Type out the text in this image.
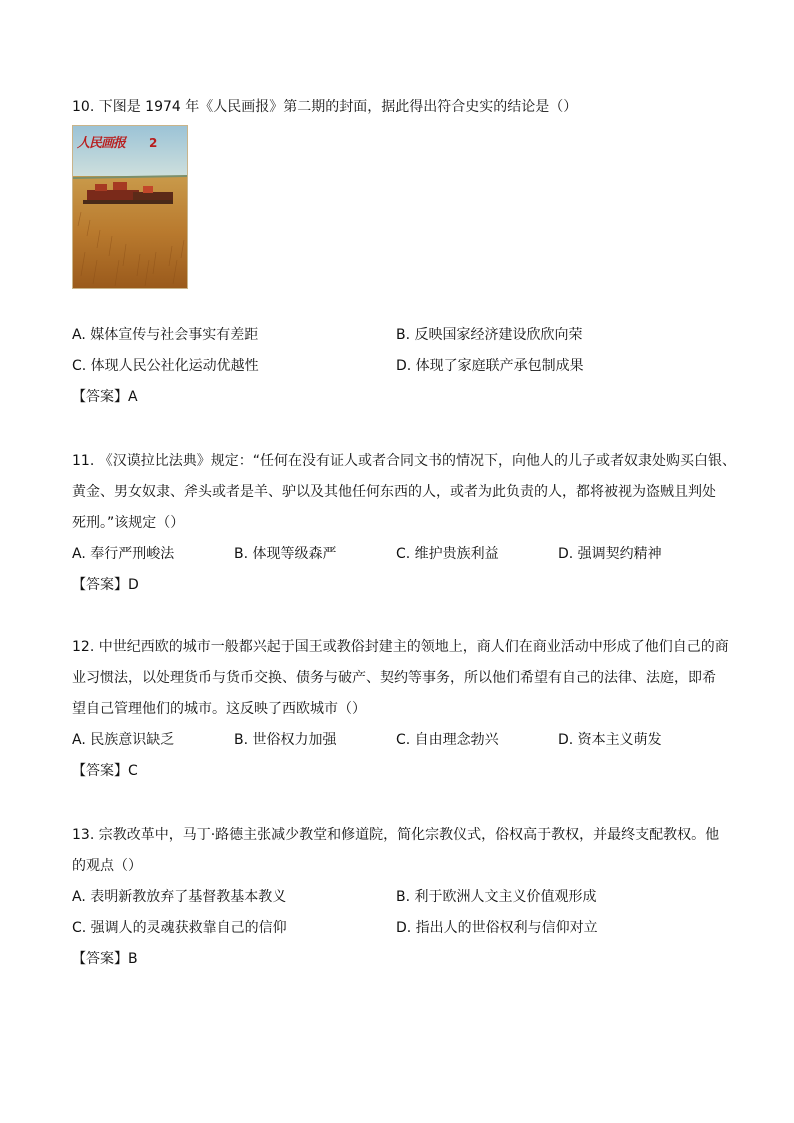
10. 下图是 1974 年《人民画报》第二期的封面，据此得出符合史实的结论是（）
人民画报 2
A. 媒体宣传与社会事实有差距	B. 反映国家经济建设欣欣向荣
C. 体现人民公社化运动优越性	D. 体现了家庭联产承包制成果
【答案】A
11. 《汉谟拉比法典》规定：“任何在没有证人或者合同文书的情况下，向他人的儿子或者奴隶处购买白银、
黄金、男女奴隶、斧头或者是羊、驴以及其他任何东西的人，或者为此负责的人，都将被视为盗贼且判处
死刑。”该规定（）
A. 奉行严刑峻法	B. 体现等级森严	C. 维护贵族利益	D. 强调契约精神
【答案】D
12. 中世纪西欧的城市一般都兴起于国王或教俗封建主的领地上，商人们在商业活动中形成了他们自己的商
业习惯法，以处理货币与货币交换、债务与破产、契约等事务，所以他们希望有自己的法律、法庭，即希
望自己管理他们的城市。这反映了西欧城市（）
A. 民族意识缺乏	B. 世俗权力加强	C. 自由理念勃兴	D. 资本主义萌发
【答案】C
13. 宗教改革中，马丁·路德主张减少教堂和修道院，简化宗教仪式，俗权高于教权，并最终支配教权。他
的观点（）
A. 表明新教放弃了基督教基本教义	B. 利于欧洲人文主义价值观形成
C. 强调人的灵魂获救靠自己的信仰	D. 指出人的世俗权利与信仰对立
【答案】B
